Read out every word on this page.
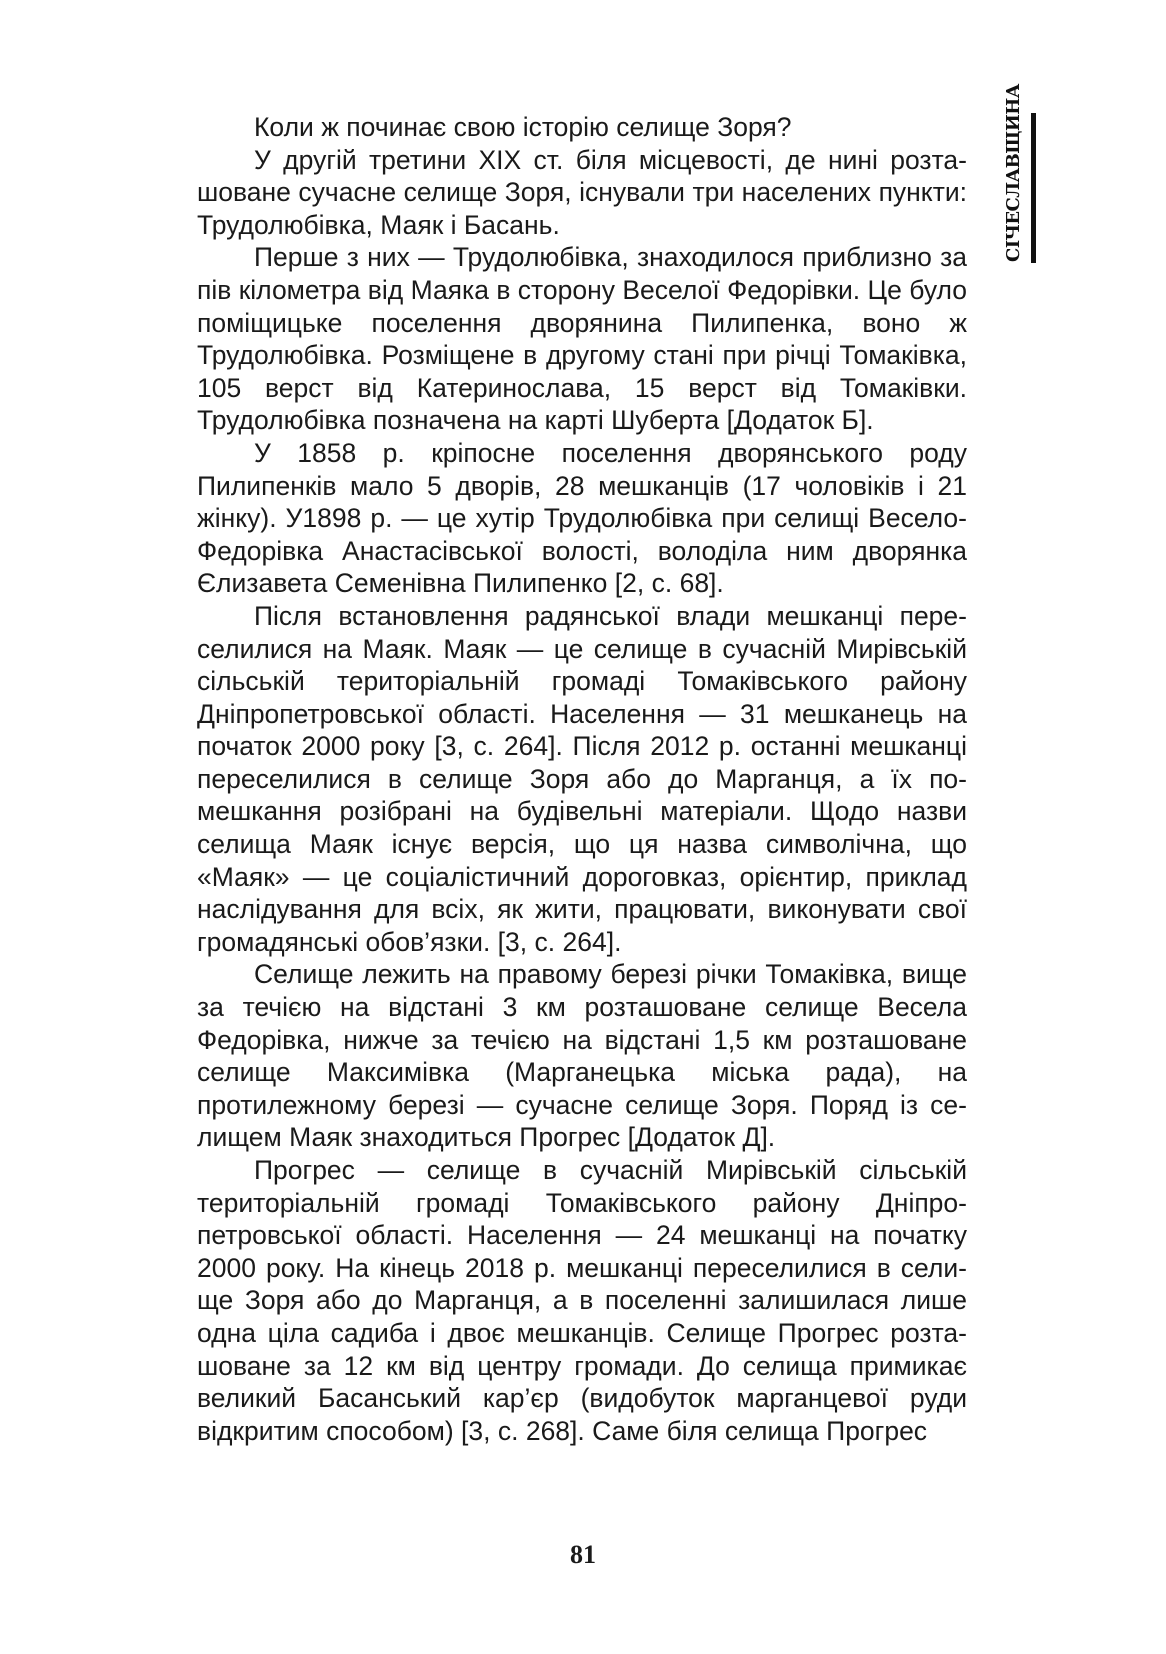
СІЧЕСЛАВЩИНА

Коли ж починає свою історію селище Зоря?

У другій третини XIX ст. біля місцевості, де нині розташоване сучасне селище Зоря, існували три населених пункти: Трудолюбівка, Маяк і Басань.

Перше з них — Трудолюбівка, знаходилося приблизно за пів кілометра від Маяка в сторону Веселої Федорівки. Це було поміщицьке поселення дворянина Пилипенка, воно ж Трудолюбівка. Розміщене в другому стані при річці Томаківка, 105 верст від Катеринослава, 15 верст від Томаківки. Трудолюбівка позначена на карті Шуберта [Додаток Б].

У 1858 р. кріпосне поселення дворянського роду Пилипенків мало 5 дворів, 28 мешканців (17 чоловіків і 21 жінку). У1898 р. — це хутір Трудолюбівка при селищі Весело-Федорівка Анастасівської волості, володіла ним дворянка Єлизавета Семенівна Пилипенко [2, с. 68].

Після встановлення радянської влади мешканці переселилися на Маяк. Маяк — це селище в сучасній Мирівській сільській територіальній громаді Томаківського району Дніпропетровської області. Населення — 31 мешканець на початок 2000 року [3, с. 264]. Після 2012 р. останні мешканці переселилися в селище Зоря або до Марганця, а їх помешкання розібрані на будівельні матеріали. Щодо назви селища Маяк існує версія, що ця назва символічна, що «Маяк» — це соціалістичний дороговказ, орієнтир, приклад наслідування для всіх, як жити, працювати, виконувати свої громадянські обов’язки. [3, с. 264].

Селище лежить на правому березі річки Томаківка, вище за течією на відстані 3 км розташоване селище Весела Федорівка, нижче за течією на відстані 1,5 км розташоване селище Максимівка (Марганецька міська рада), на протилежному березі — сучасне селище Зоря. Поряд із селищем Маяк знаходиться Прогрес [Додаток Д].

Прогрес — селище в сучасній Мирівській сільській територіальній громаді Томаківського району Дніпропетровської області. Населення — 24 мешканці на початку 2000 року. На кінець 2018 р. мешканці переселилися в селище Зоря або до Марганця, а в поселенні залишилася лише одна ціла садиба і двоє мешканців. Селище Прогрес розташоване за 12 км від центру громади. До селища примикає великий Басанський кар’єр (видобуток марганцевої руди відкритим способом) [3, с. 268]. Саме біля селища Прогрес

81
